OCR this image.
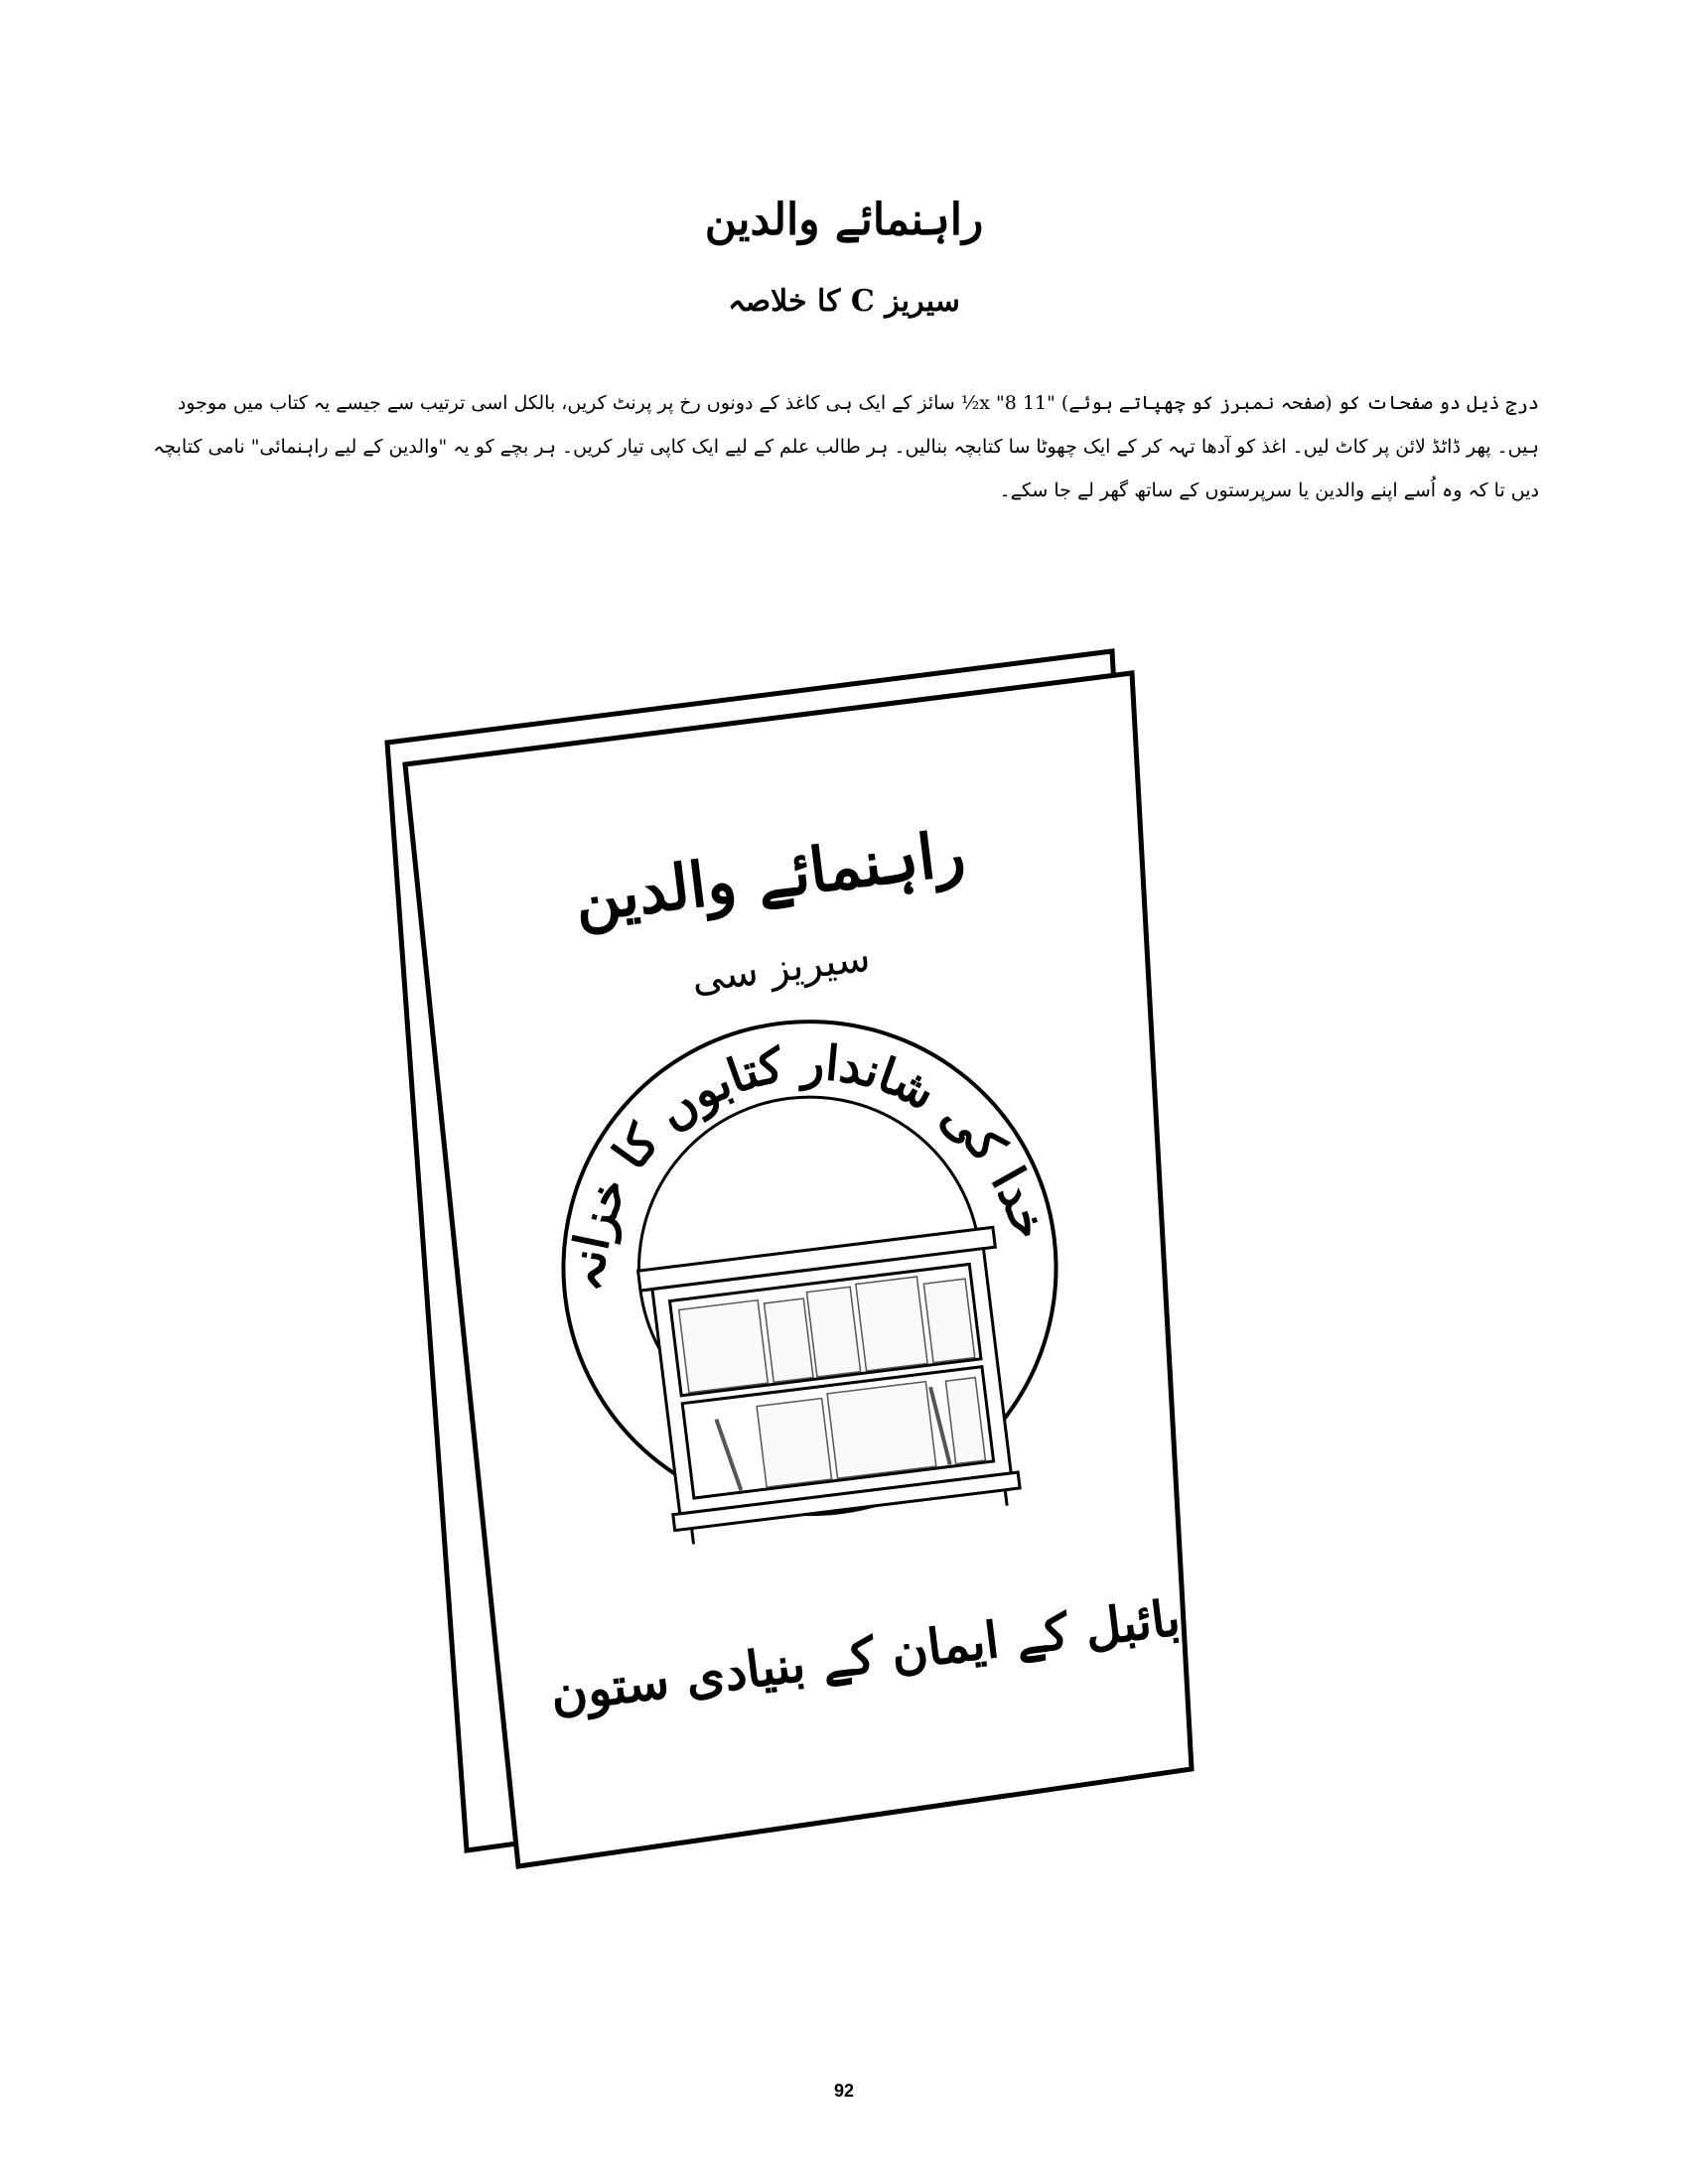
راہنمائے والدین
سیریز C کا خلاصہ
درجِ ذیل دو صفحات کو (صفحہ نمبرز کو چھپاتے ہوئے) "11 x "8½ سائز کے ایک ہی کاغذ کے دونوں رخ پر پرنٹ کریں، بالکل اسی ترتیب سے جیسے یہ کتاب میں موجود ہیں۔ پھر ڈاٹڈ لائن پر کاٹ لیں۔ اغذ کو آدھا تہہ کر کے ایک چھوٹا سا کتابچہ بنالیں۔ ہر طالب علم کے لیے ایک کاپی تیار کریں۔ ہر بچے کو یہ "والدین کے لیے راہنمائی" نامی کتابچہ دیں تا کہ وہ اُسے اپنے والدین یا سرپرستوں کے ساتھ گھر لے جا سکے۔
راہنمائے والدین
سیریز سی
خدا کی شاندار کتابوں کا خزانہ
بائبل کے ایمان کے بنیادی ستون
92
